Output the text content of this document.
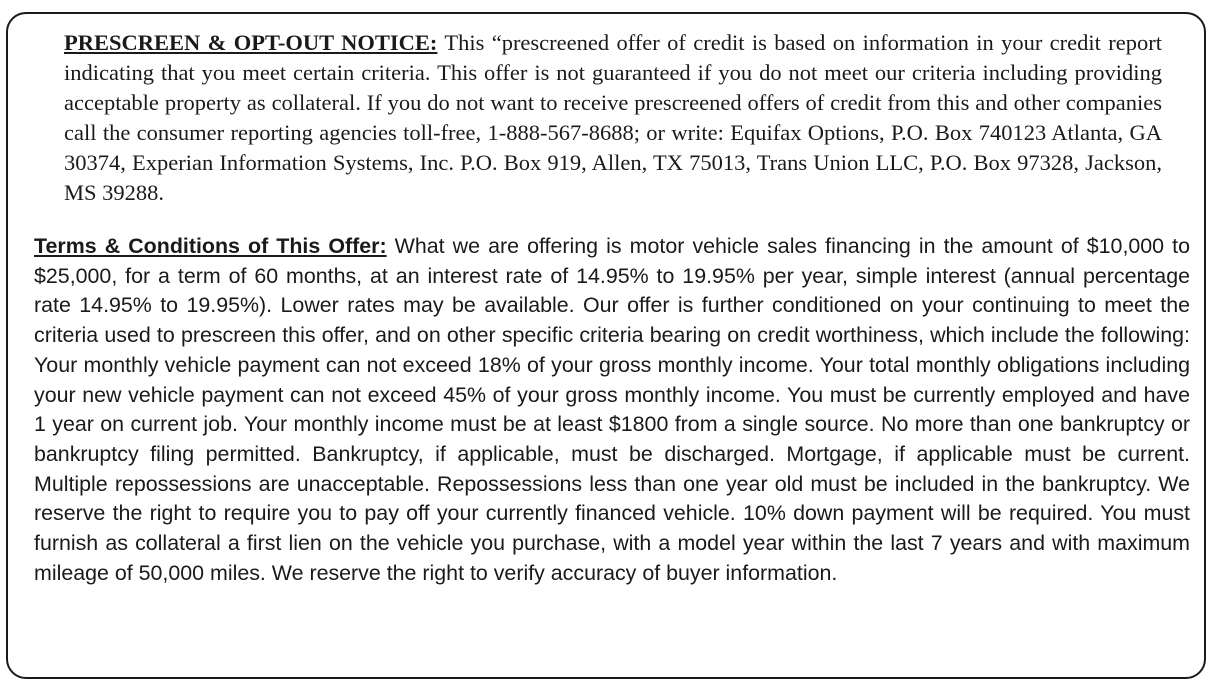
PRESCREEN & OPT-OUT NOTICE: This “prescreened offer of credit is based on information in your credit report indicating that you meet certain criteria. This offer is not guaranteed if you do not meet our criteria including providing acceptable property as collateral. If you do not want to receive prescreened offers of credit from this and other companies call the consumer reporting agencies toll-free, 1-888-567-8688; or write: Equifax Options, P.O. Box 740123 Atlanta, GA 30374, Experian Information Systems, Inc. P.O. Box 919, Allen, TX 75013, Trans Union LLC, P.O. Box 97328, Jackson, MS 39288.

Terms & Conditions of This Offer: What we are offering is motor vehicle sales financing in the amount of $10,000 to $25,000, for a term of 60 months, at an interest rate of 14.95% to 19.95% per year, simple interest (annual percentage rate 14.95% to 19.95%). Lower rates may be available. Our offer is further conditioned on your continuing to meet the criteria used to prescreen this offer, and on other specific criteria bearing on credit worthiness, which include the following: Your monthly vehicle payment can not exceed 18% of your gross monthly income. Your total monthly obligations including your new vehicle payment can not exceed 45% of your gross monthly income. You must be currently employed and have 1 year on current job. Your monthly income must be at least $1800 from a single source. No more than one bankruptcy or bankruptcy filing permitted. Bankruptcy, if applicable, must be discharged. Mortgage, if applicable must be current. Multiple repossessions are unacceptable. Repossessions less than one year old must be included in the bankruptcy. We reserve the right to require you to pay off your currently financed vehicle. 10% down payment will be required. You must furnish as collateral a first lien on the vehicle you purchase, with a model year within the last 7 years and with maximum mileage of 50,000 miles. We reserve the right to verify accuracy of buyer information.
